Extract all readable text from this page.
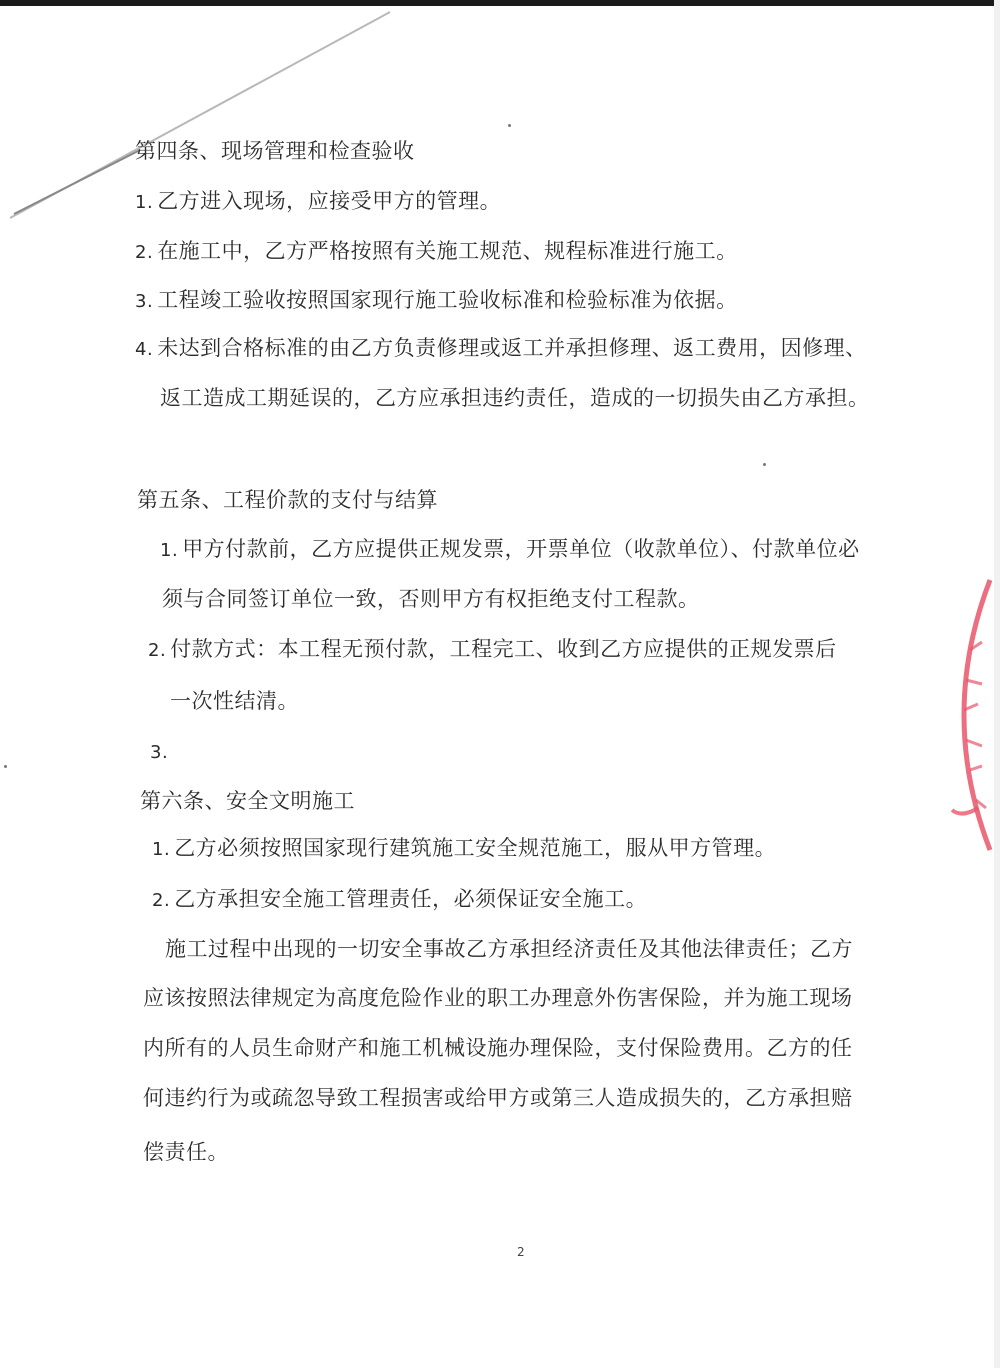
第四条、现场管理和检查验收
1. 乙方进入现场，应接受甲方的管理。
2. 在施工中，乙方严格按照有关施工规范、规程标准进行施工。
3. 工程竣工验收按照国家现行施工验收标准和检验标准为依据。
4. 未达到合格标准的由乙方负责修理或返工并承担修理、返工费用，因修理、
返工造成工期延误的，乙方应承担违约责任，造成的一切损失由乙方承担。
第五条、工程价款的支付与结算
1. 甲方付款前，乙方应提供正规发票，开票单位（收款单位）、付款单位必
须与合同签订单位一致，否则甲方有权拒绝支付工程款。
2. 付款方式：本工程无预付款，工程完工、收到乙方应提供的正规发票后
一次性结清。
3.
第六条、安全文明施工
1. 乙方必须按照国家现行建筑施工安全规范施工，服从甲方管理。
2. 乙方承担安全施工管理责任，必须保证安全施工。
施工过程中出现的一切安全事故乙方承担经济责任及其他法律责任；乙方
应该按照法律规定为高度危险作业的职工办理意外伤害保险，并为施工现场
内所有的人员生命财产和施工机械设施办理保险，支付保险费用。乙方的任
何违约行为或疏忽导致工程损害或给甲方或第三人造成损失的，乙方承担赔
偿责任。
2
